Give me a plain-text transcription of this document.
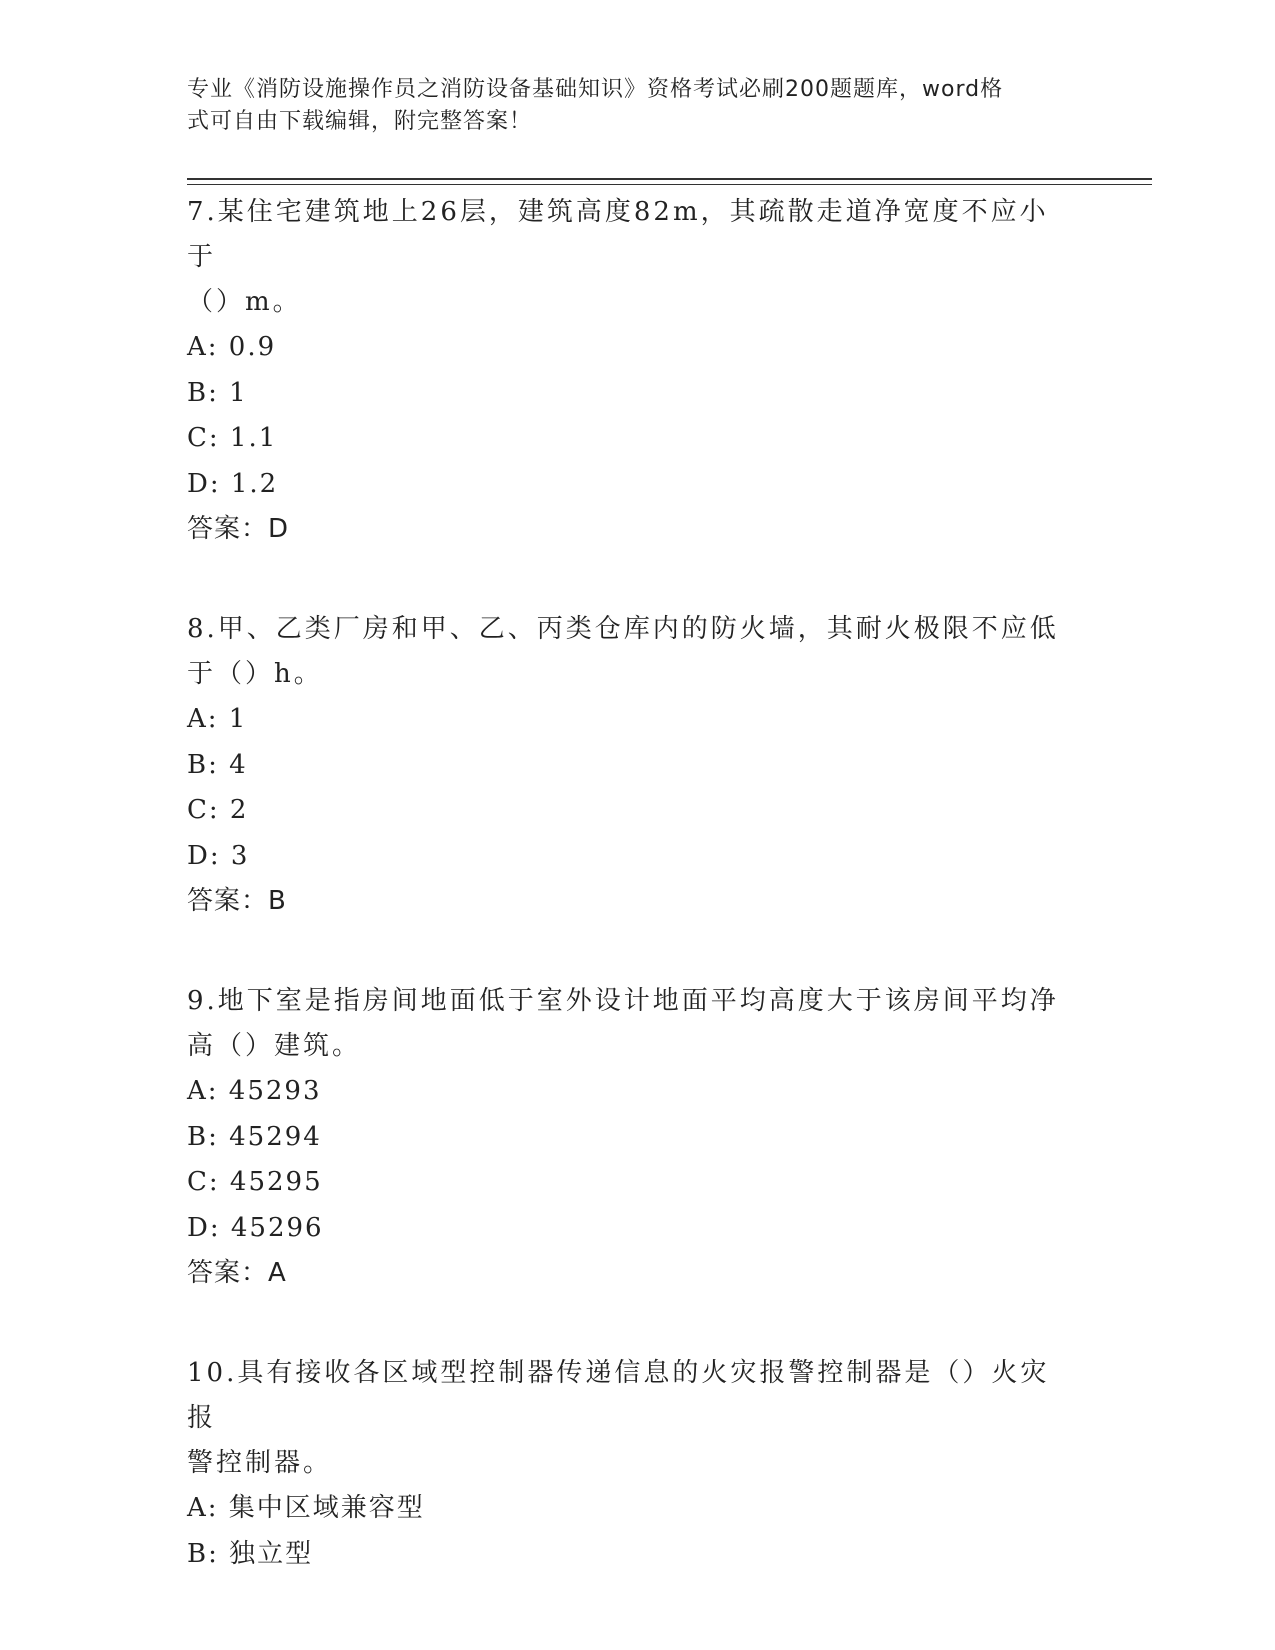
专业《消防设施操作员之消防设备基础知识》资格考试必刷200题题库，word格
式可自由下载编辑，附完整答案！

7.某住宅建筑地上26层，建筑高度82m，其疏散走道净宽度不应小于

（）m。

A: 0.9

B: 1

C: 1.1

D: 1.2

答案：D

8.甲、乙类厂房和甲、乙、丙类仓库内的防火墙，其耐火极限不应低

于（）h。

A: 1

B: 4

C: 2

D: 3

答案：B

9.地下室是指房间地面低于室外设计地面平均高度大于该房间平均净

高（）建筑。

A: 45293

B: 45294

C: 45295

D: 45296

答案：A

10.具有接收各区域型控制器传递信息的火灾报警控制器是（）火灾报

警控制器。

A: 集中区域兼容型

B: 独立型
